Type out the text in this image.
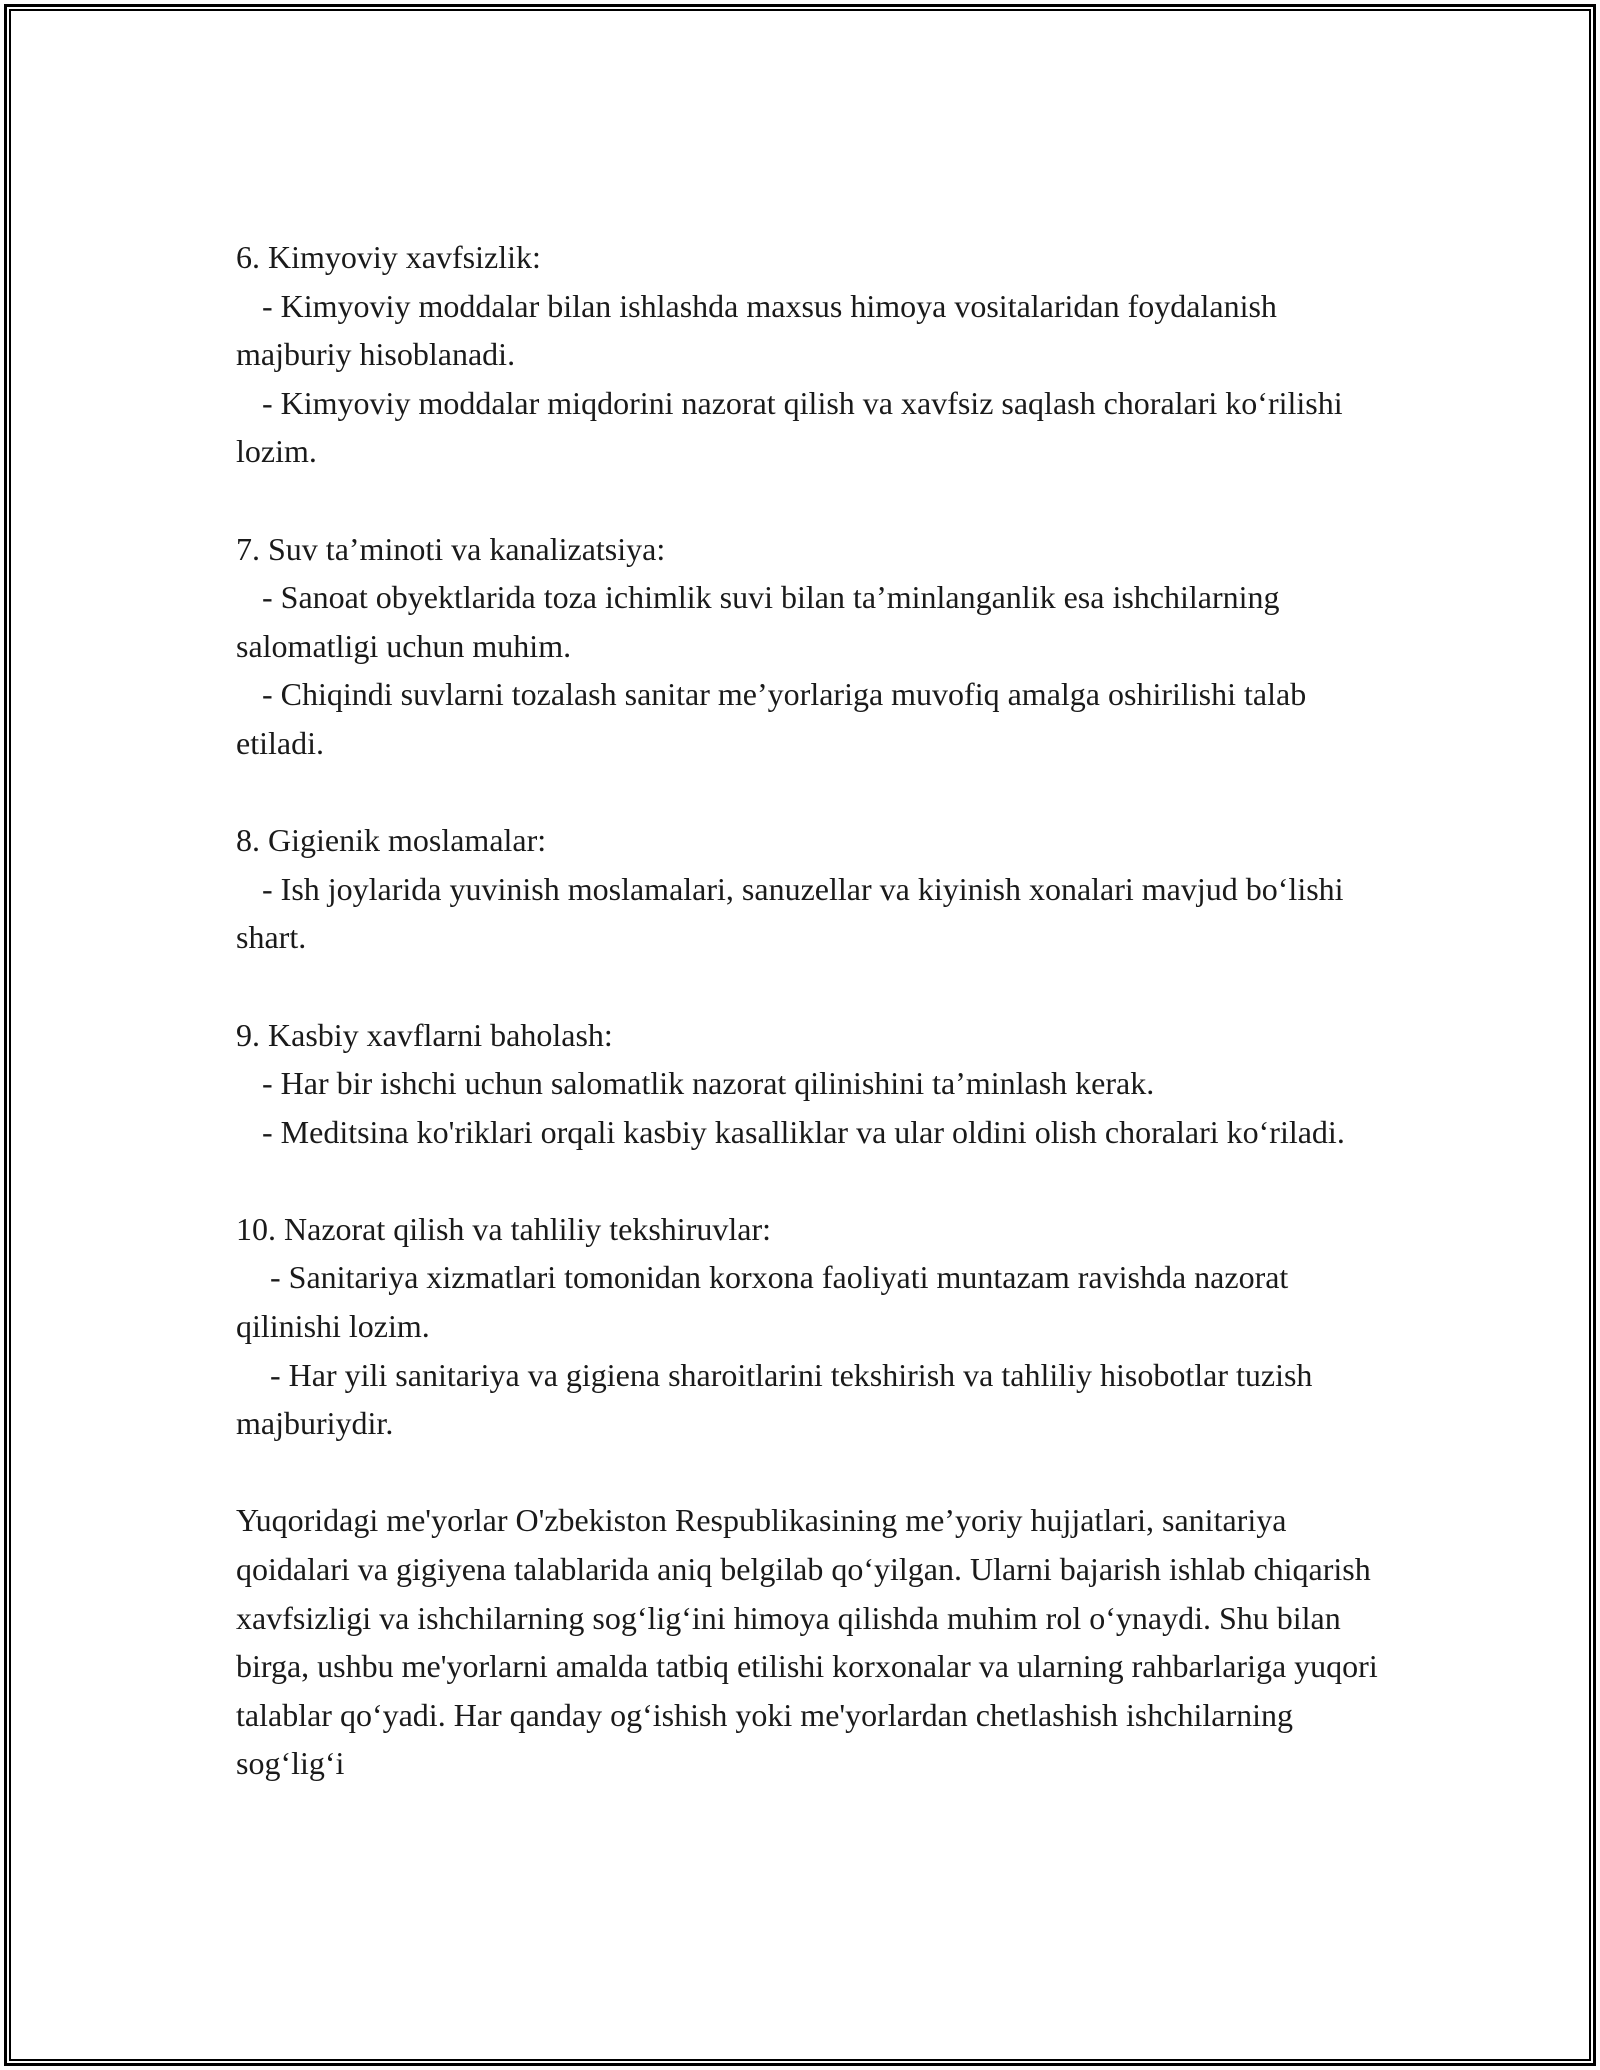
6. Kimyoviy xavfsizlik:

- Kimyoviy moddalar bilan ishlashda maxsus himoya vositalaridan foydalanish majburiy hisoblanadi.

- Kimyoviy moddalar miqdorini nazorat qilish va xavfsiz saqlash choralari ko‘rilishi lozim.

7. Suv ta’minoti va kanalizatsiya:

- Sanoat obyektlarida toza ichimlik suvi bilan ta’minlanganlik esa ishchilarning salomatligi uchun muhim.

- Chiqindi suvlarni tozalash sanitar me’yorlariga muvofiq amalga oshirilishi talab etiladi.

8. Gigienik moslamalar:

- Ish joylarida yuvinish moslamalari, sanuzellar va kiyinish xonalari mavjud bo‘lishi shart.

9. Kasbiy xavflarni baholash:

- Har bir ishchi uchun salomatlik nazorat qilinishini ta’minlash kerak.

- Meditsina ko'riklari orqali kasbiy kasalliklar va ular oldini olish choralari ko‘riladi.

10. Nazorat qilish va tahliliy tekshiruvlar:

- Sanitariya xizmatlari tomonidan korxona faoliyati muntazam ravishda nazorat qilinishi lozim.

- Har yili sanitariya va gigiena sharoitlarini tekshirish va tahliliy hisobotlar tuzish majburiydir.

Yuqoridagi me'yorlar O'zbekiston Respublikasining me’yoriy hujjatlari, sanitariya qoidalari va gigiyena talablarida aniq belgilab qo‘yilgan. Ularni bajarish ishlab chiqarish xavfsizligi va ishchilarning sog‘lig‘ini himoya qilishda muhim rol o‘ynaydi. Shu bilan birga, ushbu me'yorlarni amalda tatbiq etilishi korxonalar va ularning rahbarlariga yuqori talablar qo‘yadi. Har qanday og‘ishish yoki me'yorlardan chetlashish ishchilarning sog‘lig‘i
